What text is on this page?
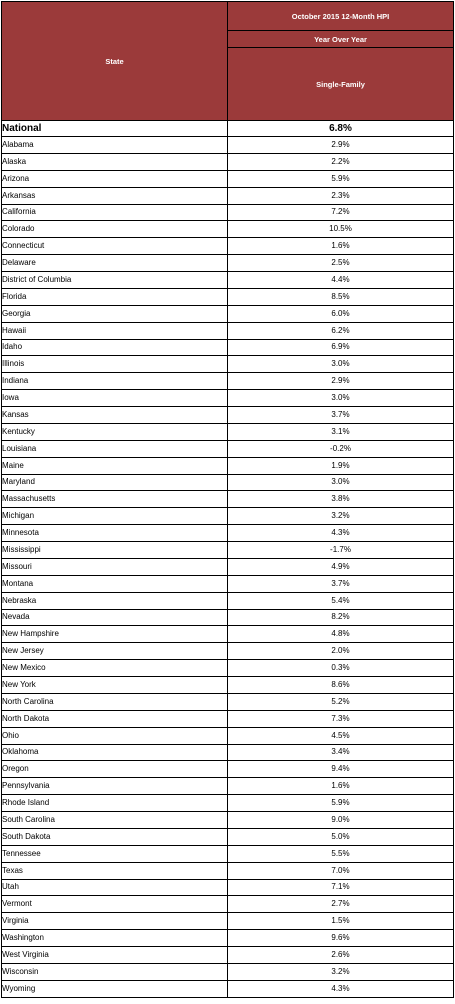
State	October 2015 12-Month HPI
	Year Over Year
	Single-Family
National	6.8%
Alabama	2.9%
Alaska	2.2%
Arizona	5.9%
Arkansas	2.3%
California	7.2%
Colorado	10.5%
Connecticut	1.6%
Delaware	2.5%
District of Columbia	4.4%
Florida	8.5%
Georgia	6.0%
Hawaii	6.2%
Idaho	6.9%
Illinois	3.0%
Indiana	2.9%
Iowa	3.0%
Kansas	3.7%
Kentucky	3.1%
Louisiana	-0.2%
Maine	1.9%
Maryland	3.0%
Massachusetts	3.8%
Michigan	3.2%
Minnesota	4.3%
Mississippi	-1.7%
Missouri	4.9%
Montana	3.7%
Nebraska	5.4%
Nevada	8.2%
New Hampshire	4.8%
New Jersey	2.0%
New Mexico	0.3%
New York	8.6%
North Carolina	5.2%
North Dakota	7.3%
Ohio	4.5%
Oklahoma	3.4%
Oregon	9.4%
Pennsylvania	1.6%
Rhode Island	5.9%
South Carolina	9.0%
South Dakota	5.0%
Tennessee	5.5%
Texas	7.0%
Utah	7.1%
Vermont	2.7%
Virginia	1.5%
Washington	9.6%
West Virginia	2.6%
Wisconsin	3.2%
Wyoming	4.3%
